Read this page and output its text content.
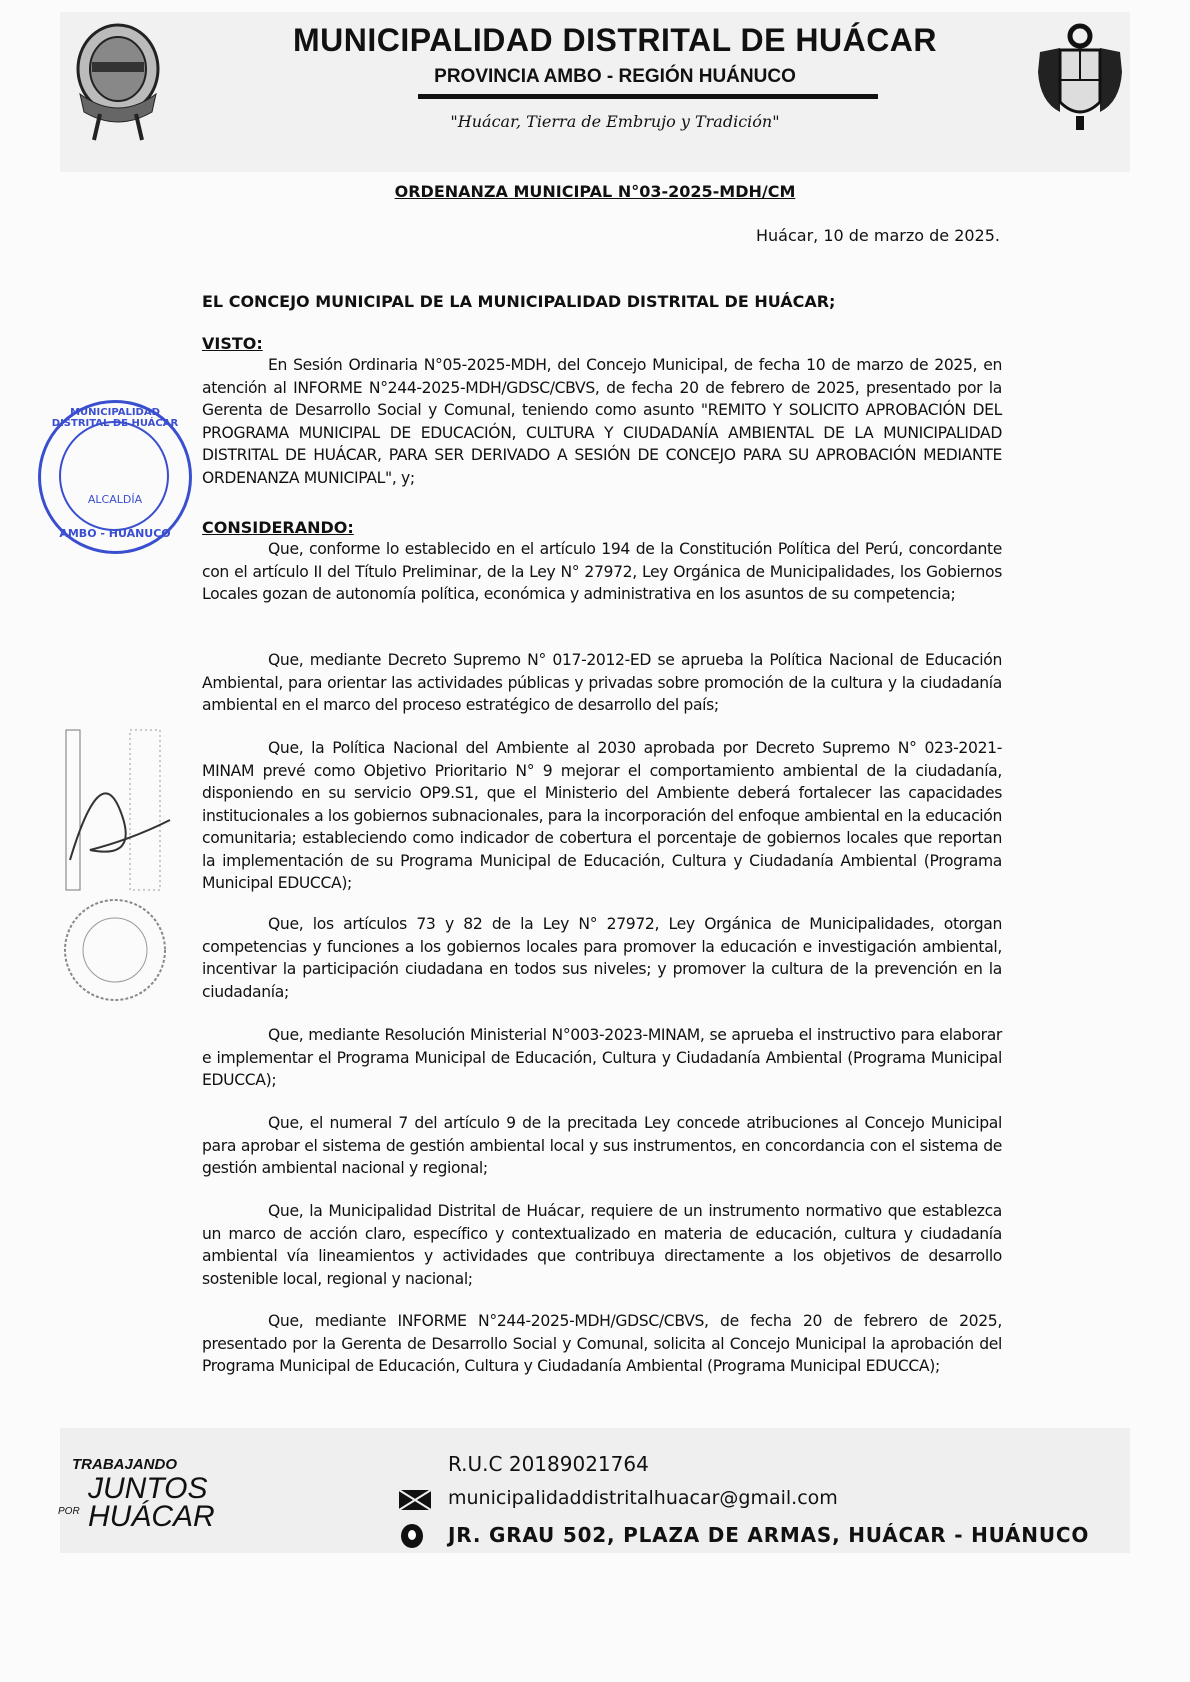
MUNICIPALIDAD DISTRITAL DE HUÁCAR
PROVINCIA AMBO - REGIÓN HUÁNUCO
"Huácar, Tierra de Embrujo y Tradición"
ORDENANZA MUNICIPAL N°03-2025-MDH/CM
Huácar, 10 de marzo de 2025.
EL CONCEJO MUNICIPAL DE LA MUNICIPALIDAD DISTRITAL DE HUÁCAR;
VISTO:
En Sesión Ordinaria N°05-2025-MDH, del Concejo Municipal, de fecha 10 de marzo de 2025, en atención al INFORME N°244-2025-MDH/GDSC/CBVS, de fecha 20 de febrero de 2025, presentado por la Gerenta de Desarrollo Social y Comunal, teniendo como asunto "REMITO Y SOLICITO APROBACIÓN DEL PROGRAMA MUNICIPAL DE EDUCACIÓN, CULTURA Y CIUDADANÍA AMBIENTAL DE LA MUNICIPALIDAD DISTRITAL DE HUÁCAR, PARA SER DERIVADO A SESIÓN DE CONCEJO PARA SU APROBACIÓN MEDIANTE ORDENANZA MUNICIPAL", y;
CONSIDERANDO:
Que, conforme lo establecido en el artículo 194 de la Constitución Política del Perú, concordante con el artículo II del Título Preliminar, de la Ley N° 27972, Ley Orgánica de Municipalidades, los Gobiernos Locales gozan de autonomía política, económica y administrativa en los asuntos de su competencia;
Que, mediante Decreto Supremo N° 017-2012-ED se aprueba la Política Nacional de Educación Ambiental, para orientar las actividades públicas y privadas sobre promoción de la cultura y la ciudadanía ambiental en el marco del proceso estratégico de desarrollo del país;
Que, la Política Nacional del Ambiente al 2030 aprobada por Decreto Supremo N° 023-2021-MINAM prevé como Objetivo Prioritario N° 9 mejorar el comportamiento ambiental de la ciudadanía, disponiendo en su servicio OP9.S1, que el Ministerio del Ambiente deberá fortalecer las capacidades institucionales a los gobiernos subnacionales, para la incorporación del enfoque ambiental en la educación comunitaria; estableciendo como indicador de cobertura el porcentaje de gobiernos locales que reportan la implementación de su Programa Municipal de Educación, Cultura y Ciudadanía Ambiental (Programa Municipal EDUCCA);
Que, los artículos 73 y 82 de la Ley N° 27972, Ley Orgánica de Municipalidades, otorgan competencias y funciones a los gobiernos locales para promover la educación e investigación ambiental, incentivar la participación ciudadana en todos sus niveles; y promover la cultura de la prevención en la ciudadanía;
Que, mediante Resolución Ministerial N°003-2023-MINAM, se aprueba el instructivo para elaborar e implementar el Programa Municipal de Educación, Cultura y Ciudadanía Ambiental (Programa Municipal EDUCCA);
Que, el numeral 7 del artículo 9 de la precitada Ley concede atribuciones al Concejo Municipal para aprobar el sistema de gestión ambiental local y sus instrumentos, en concordancia con el sistema de gestión ambiental nacional y regional;
Que, la Municipalidad Distrital de Huácar, requiere de un instrumento normativo que establezca un marco de acción claro, específico y contextualizado en materia de educación, cultura y ciudadanía ambiental vía lineamientos y actividades que contribuya directamente a los objetivos de desarrollo sostenible local, regional y nacional;
Que, mediante INFORME N°244-2025-MDH/GDSC/CBVS, de fecha 20 de febrero de 2025, presentado por la Gerenta de Desarrollo Social y Comunal, solicita al Concejo Municipal la aprobación del Programa Municipal de Educación, Cultura y Ciudadanía Ambiental (Programa Municipal EDUCCA);
MUNICIPALIDAD DISTRITAL DE HUÁCAR
ALCALDÍA
AMBO - HUÁNUCO
TRABAJANDO
JUNTOS
POR HUÁCAR
R.U.C 20189021764
municipalidaddistritalhuacar@gmail.com
JR. GRAU 502, PLAZA DE ARMAS, HUÁCAR - HUÁNUCO
